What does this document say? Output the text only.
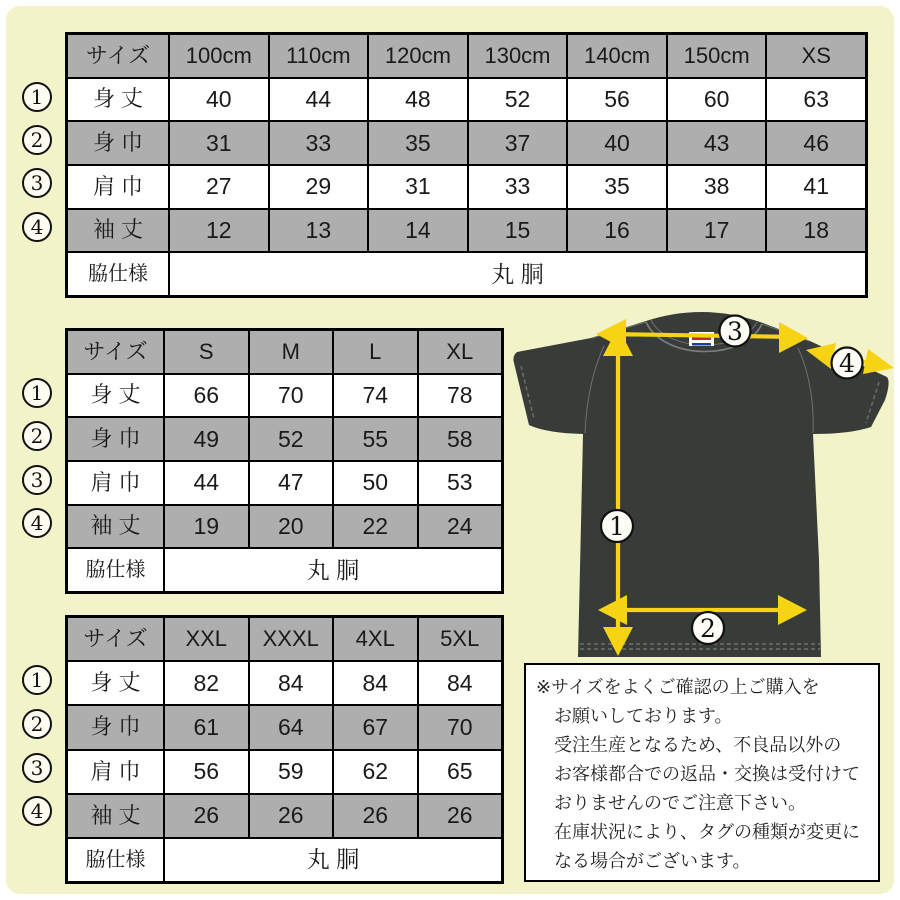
サイズ	100cm	110cm	120cm	130cm	140cm	150cm	XS
身 丈	40	44	48	52	56	60	63
身 巾	31	33	35	37	40	43	46
肩 巾	27	29	31	33	35	38	41
袖 丈	12	13	14	15	16	17	18
脇仕様	丸 胴
サイズ	S	M	L	XL
身 丈	66	70	74	78
身 巾	49	52	55	58
肩 巾	44	47	50	53
袖 丈	19	20	22	24
脇仕様	丸 胴
サイズ	XXL	XXXL	4XL	5XL
身 丈	82	84	84	84
身 巾	61	64	67	70
肩 巾	56	59	62	65
袖 丈	26	26	26	26
脇仕様	丸 胴
1
2
3
4
1
2
3
4
1
2
3
4
3
4
1
2
※サイズをよくご確認の上ご購入を
お願いしております。
受注生産となるため、不良品以外の
お客様都合での返品・交換は受付けて
おりませんのでご注意下さい。
在庫状況により、タグの種類が変更に
なる場合がございます。
